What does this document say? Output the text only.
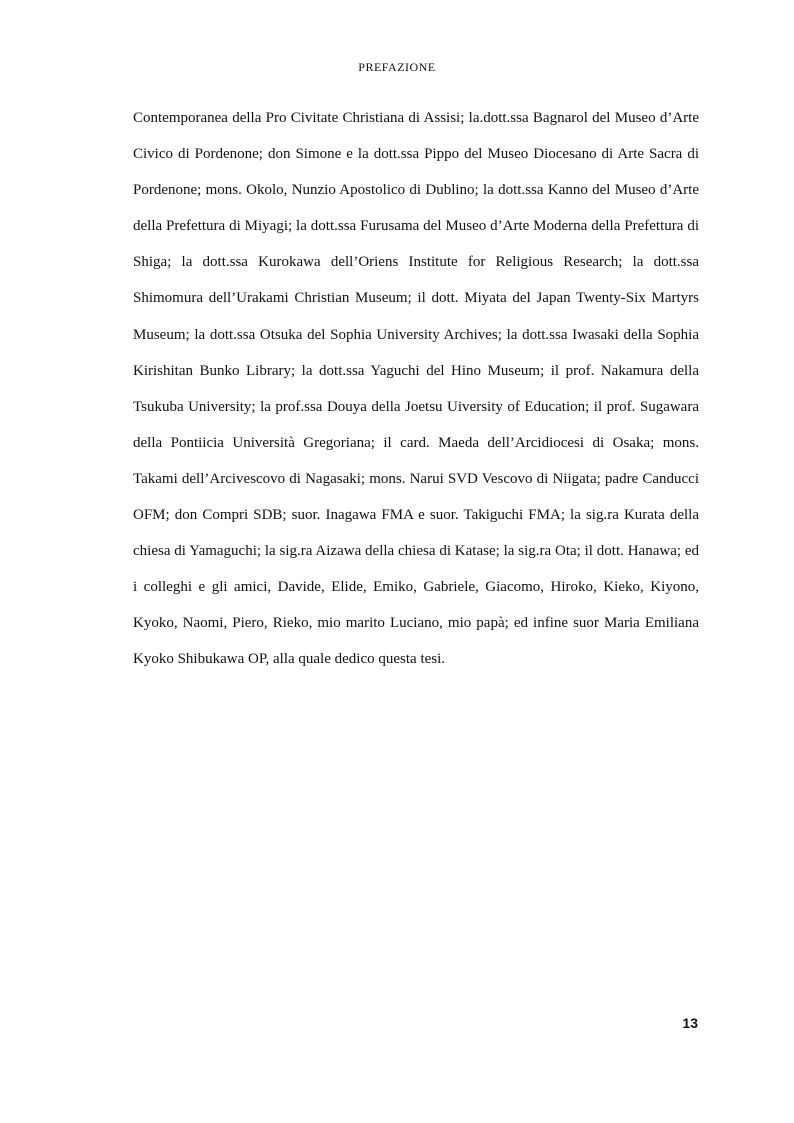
PREFAZIONE

Contemporanea della Pro Civitate Christiana di Assisi; la.dott.ssa Bagnarol del Museo d’Arte Civico di Pordenone; don Simone e la dott.ssa Pippo del Museo Diocesano di Arte Sacra di Pordenone; mons. Okolo, Nunzio Apostolico di Dublino; la dott.ssa Kanno del Museo d’Arte della Prefettura di Miyagi; la dott.ssa Furusama del Museo d’Arte Moderna della Prefettura di Shiga; la dott.ssa Kurokawa dell’Oriens Institute for Religious Research; la dott.ssa Shimomura dell’Urakami Christian Museum; il dott. Miyata del Japan Twenty-Six Martyrs Museum; la dott.ssa Otsuka del Sophia University Archives; la dott.ssa Iwasaki della Sophia Kirishitan Bunko Library; la dott.ssa Yaguchi del Hino Museum; il prof. Nakamura della Tsukuba University; la prof.ssa Douya della Joetsu Uiversity of Education; il prof. Sugawara della Pontiicia Università Gregoriana; il card. Maeda dell’Arcidiocesi di Osaka; mons. Takami dell’Arcivescovo di Nagasaki; mons. Narui SVD Vescovo di Niigata; padre Canducci OFM; don Compri SDB; suor. Inagawa FMA e suor. Takiguchi FMA; la sig.ra Kurata della chiesa di Yamaguchi; la sig.ra Aizawa della chiesa di Katase; la sig.ra Ota; il dott. Hanawa; ed i colleghi e gli amici, Davide, Elide, Emiko, Gabriele, Giacomo, Hiroko, Kieko, Kiyono, Kyoko, Naomi, Piero, Rieko, mio marito Luciano, mio papà; ed infine suor Maria Emiliana Kyoko Shibukawa OP, alla quale dedico questa tesi.

13
